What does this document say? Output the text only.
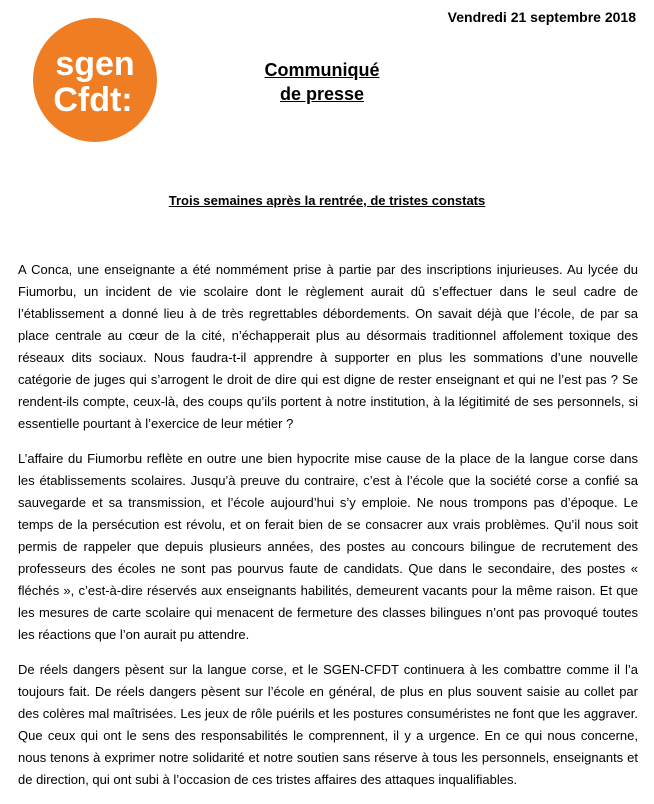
Vendredi 21 septembre 2018
sgen
Cfdt:
Communiqué
de presse
Trois semaines après la rentrée, de tristes constats

A Conca, une enseignante a été nommément prise à partie par des inscriptions injurieuses. Au lycée du Fiumorbu, un incident de vie scolaire dont le règlement aurait dû s’effectuer dans le seul cadre de l’établissement a donné lieu à de très regrettables débordements. On savait déjà que l’école, de par sa place centrale au cœur de la cité, n’échapperait plus au désormais traditionnel affolement toxique des réseaux dits sociaux. Nous faudra-t-il apprendre à supporter en plus les sommations d’une nouvelle catégorie de juges qui s’arrogent le droit de dire qui est digne de rester enseignant et qui ne l’est pas ? Se rendent-ils compte, ceux-là, des coups qu’ils portent à notre institution, à la légitimité de ses personnels, si essentielle pourtant à l’exercice de leur métier ?

L’affaire du Fiumorbu reflète en outre une bien hypocrite mise cause de la place de la langue corse dans les établissements scolaires. Jusqu’à preuve du contraire, c’est à l’école que la société corse a confié sa sauvegarde et sa transmission, et l’école aujourd’hui s’y emploie. Ne nous trompons pas d’époque. Le temps de la persécution est révolu, et on ferait bien de se consacrer aux vrais problèmes. Qu’il nous soit permis de rappeler que depuis plusieurs années, des postes au concours bilingue de recrutement des professeurs des écoles ne sont pas pourvus faute de candidats. Que dans le secondaire, des postes « fléchés », c’est-à-dire réservés aux enseignants habilités, demeurent vacants pour la même raison. Et que les mesures de carte scolaire qui menacent de fermeture des classes bilingues n’ont pas provoqué toutes les réactions que l’on aurait pu attendre.

De réels dangers pèsent sur la langue corse, et le SGEN-CFDT continuera à les combattre comme il l’a toujours fait. De réels dangers pèsent sur l’école en général, de plus en plus souvent saisie au collet par des colères mal maîtrisées. Les jeux de rôle puérils et les postures consuméristes ne font que les aggraver. Que ceux qui ont le sens des responsabilités le comprennent, il y a urgence. En ce qui nous concerne, nous tenons à exprimer notre solidarité et notre soutien sans réserve à tous les personnels, enseignants et de direction, qui ont subi à l’occasion de ces tristes affaires des attaques inqualifiables.
